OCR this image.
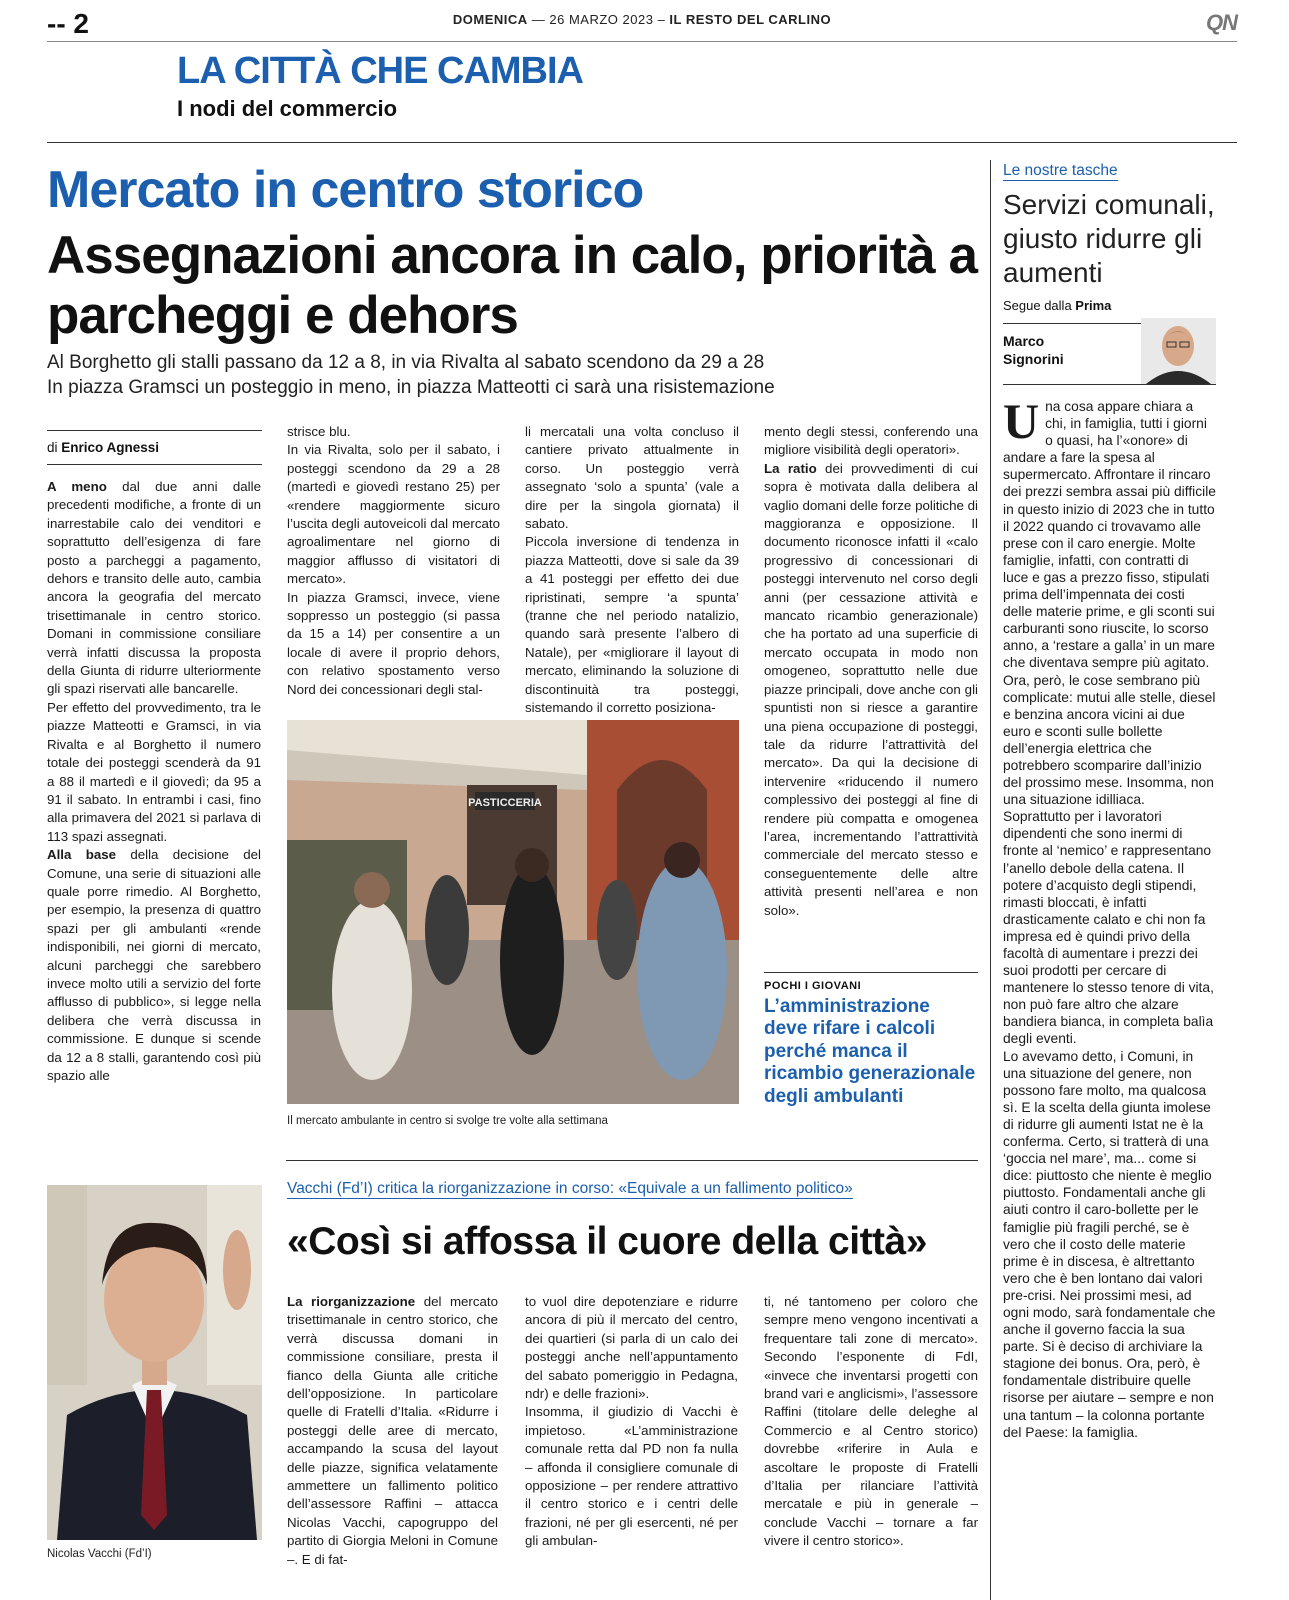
-- 2	DOMENICA — 26 MARZO 2023 – IL RESTO DEL CARLINO	QN
LA CITTÀ CHE CAMBIA
I nodi del commercio
Mercato in centro storico
Assegnazioni ancora in calo, priorità a parcheggi e dehors
Al Borghetto gli stalli passano da 12 a 8, in via Rivalta al sabato scendono da 29 a 28
In piazza Gramsci un posteggio in meno, in piazza Matteotti ci sarà una risistemazione
di Enrico Agnessi

A meno dal due anni dalle precedenti modifiche, a fronte di un inarrestabile calo dei venditori e soprattutto dell’esigenza di fare posto a parcheggi a pagamento, dehors e transito delle auto, cambia ancora la geografia del mercato trisettimanale in centro storico. Domani in commissione consiliare verrà infatti discussa la proposta della Giunta di ridurre ulteriormente gli spazi riservati alle bancarelle.

Per effetto del provvedimento, tra le piazze Matteotti e Gramsci, in via Rivalta e al Borghetto il numero totale dei posteggi scenderà da 91 a 88 il martedì e il giovedì; da 95 a 91 il sabato. In entrambi i casi, fino alla primavera del 2021 si parlava di 113 spazi assegnati.

Alla base della decisione del Comune, una serie di situazioni alle quale porre rimedio. Al Borghetto, per esempio, la presenza di quattro spazi per gli ambulanti «rende indisponibili, nei giorni di mercato, alcuni parcheggi che sarebbero invece molto utili a servizio del forte afflusso di pubblico», si legge nella delibera che verrà discussa in commissione. E dunque si scende da 12 a 8 stalli, garantendo così più spazio alle

strisce blu.

In via Rivalta, solo per il sabato, i posteggi scendono da 29 a 28 (martedì e giovedì restano 25) per «rendere maggiormente sicuro l’uscita degli autoveicoli dal mercato agroalimentare nel giorno di maggior afflusso di visitatori di mercato».

In piazza Gramsci, invece, viene soppresso un posteggio (si passa da 15 a 14) per consentire a un locale di avere il proprio dehors, con relativo spostamento verso Nord dei concessionari degli stal-

li mercatali una volta concluso il cantiere privato attualmente in corso. Un posteggio verrà assegnato ‘solo a spunta’ (vale a dire per la singola giornata) il sabato.

Piccola inversione di tendenza in piazza Matteotti, dove si sale da 39 a 41 posteggi per effetto dei due ripristinati, sempre ‘a spunta’ (tranne che nel periodo natalizio, quando sarà presente l’albero di Natale), per «migliorare il layout di mercato, eliminando la soluzione di discontinuità tra posteggi, sistemando il corretto posiziona-

mento degli stessi, conferendo una migliore visibilità degli operatori».

La ratio dei provvedimenti di cui sopra è motivata dalla delibera al vaglio domani delle forze politiche di maggioranza e opposizione. Il documento riconosce infatti il «calo progressivo di concessionari di posteggi intervenuto nel corso degli anni (per cessazione attività e mancato ricambio generazionale) che ha portato ad una superficie di mercato occupata in modo non omogeneo, soprattutto nelle due piazze principali, dove anche con gli spuntisti non si riesce a garantire una piena occupazione di posteggi, tale da ridurre l’attrattività del mercato». Da qui la decisione di intervenire «riducendo il numero complessivo dei posteggi al fine di rendere più compatta e omogenea l’area, incrementando l’attrattività commerciale del mercato stesso e conseguentemente delle altre attività presenti nell’area e non solo».

PASTICCERIA
Il mercato ambulante in centro si svolge tre volte alla settimana
POCHI I GIOVANI
L’amministrazione deve rifare i calcoli perché manca il ricambio generazionale degli ambulanti
Nicolas Vacchi (Fd’I)
Vacchi (Fd’I) critica la riorganizzazione in corso: «Equivale a un fallimento politico»
«Così si affossa il cuore della città»

La riorganizzazione del mercato trisettimanale in centro storico, che verrà discussa domani in commissione consiliare, presta il fianco della Giunta alle critiche dell’opposizione. In particolare quelle di Fratelli d’Italia. «Ridurre i posteggi delle aree di mercato, accampando la scusa del layout delle piazze, significa velatamente ammettere un fallimento politico dell’assessore Raffini – attacca Nicolas Vacchi, capogruppo del partito di Giorgia Meloni in Comune –. E di fat-

to vuol dire depotenziare e ridurre ancora di più il mercato del centro, dei quartieri (si parla di un calo dei posteggi anche nell’appuntamento del sabato pomeriggio in Pedagna, ndr) e delle frazioni».

Insomma, il giudizio di Vacchi è impietoso. «L’amministrazione comunale retta dal PD non fa nulla – affonda il consigliere comunale di opposizione – per rendere attrattivo il centro storico e i centri delle frazioni, né per gli esercenti, né per gli ambulan-

ti, né tantomeno per coloro che sempre meno vengono incentivati a frequentare tali zone di mercato». Secondo l’esponente di FdI, «invece che inventarsi progetti con brand vari e anglicismi», l’assessore Raffini (titolare delle deleghe al Commercio e al Centro storico) dovrebbe «riferire in Aula e ascoltare le proposte di Fratelli d’Italia per rilanciare l’attività mercatale e più in generale – conclude Vacchi – tornare a far vivere il centro storico».

Le nostre tasche
Servizi comunali, giusto ridurre gli aumenti
Segue dalla Prima
Marco
Signorini

Una cosa appare chiara a chi, in famiglia, tutti i giorni o quasi, ha l’«onore» di andare a fare la spesa al supermercato. Affrontare il rincaro dei prezzi sembra assai più difficile in questo inizio di 2023 che in tutto il 2022 quando ci trovavamo alle prese con il caro energie. Molte famiglie, infatti, con contratti di luce e gas a prezzo fisso, stipulati prima dell’impennata dei costi delle materie prime, e gli sconti sui carburanti sono riuscite, lo scorso anno, a ‘restare a galla’ in un mare che diventava sempre più agitato. Ora, però, le cose sembrano più complicate: mutui alle stelle, diesel e benzina ancora vicini ai due euro e sconti sulle bollette dell’energia elettrica che potrebbero scomparire dall’inizio del prossimo mese. Insomma, non una situazione idilliaca. Soprattutto per i lavoratori dipendenti che sono inermi di fronte al ‘nemico’ e rappresentano l’anello debole della catena. Il potere d’acquisto degli stipendi, rimasti bloccati, è infatti drasticamente calato e chi non fa impresa ed è quindi privo della facoltà di aumentare i prezzi dei suoi prodotti per cercare di mantenere lo stesso tenore di vita, non può fare altro che alzare bandiera bianca, in completa balìa degli eventi.

Lo avevamo detto, i Comuni, in una situazione del genere, non possono fare molto, ma qualcosa sì. E la scelta della giunta imolese di ridurre gli aumenti Istat ne è la conferma. Certo, si tratterà di una ‘goccia nel mare’, ma... come si dice: piuttosto che niente è meglio piuttosto. Fondamentali anche gli aiuti contro il caro-bollette per le famiglie più fragili perché, se è vero che il costo delle materie prime è in discesa, è altrettanto vero che è ben lontano dai valori pre-crisi. Nei prossimi mesi, ad ogni modo, sarà fondamentale che anche il governo faccia la sua parte. Si è deciso di archiviare la stagione dei bonus. Ora, però, è fondamentale distribuire quelle risorse per aiutare – sempre e non una tantum – la colonna portante del Paese: la famiglia.
